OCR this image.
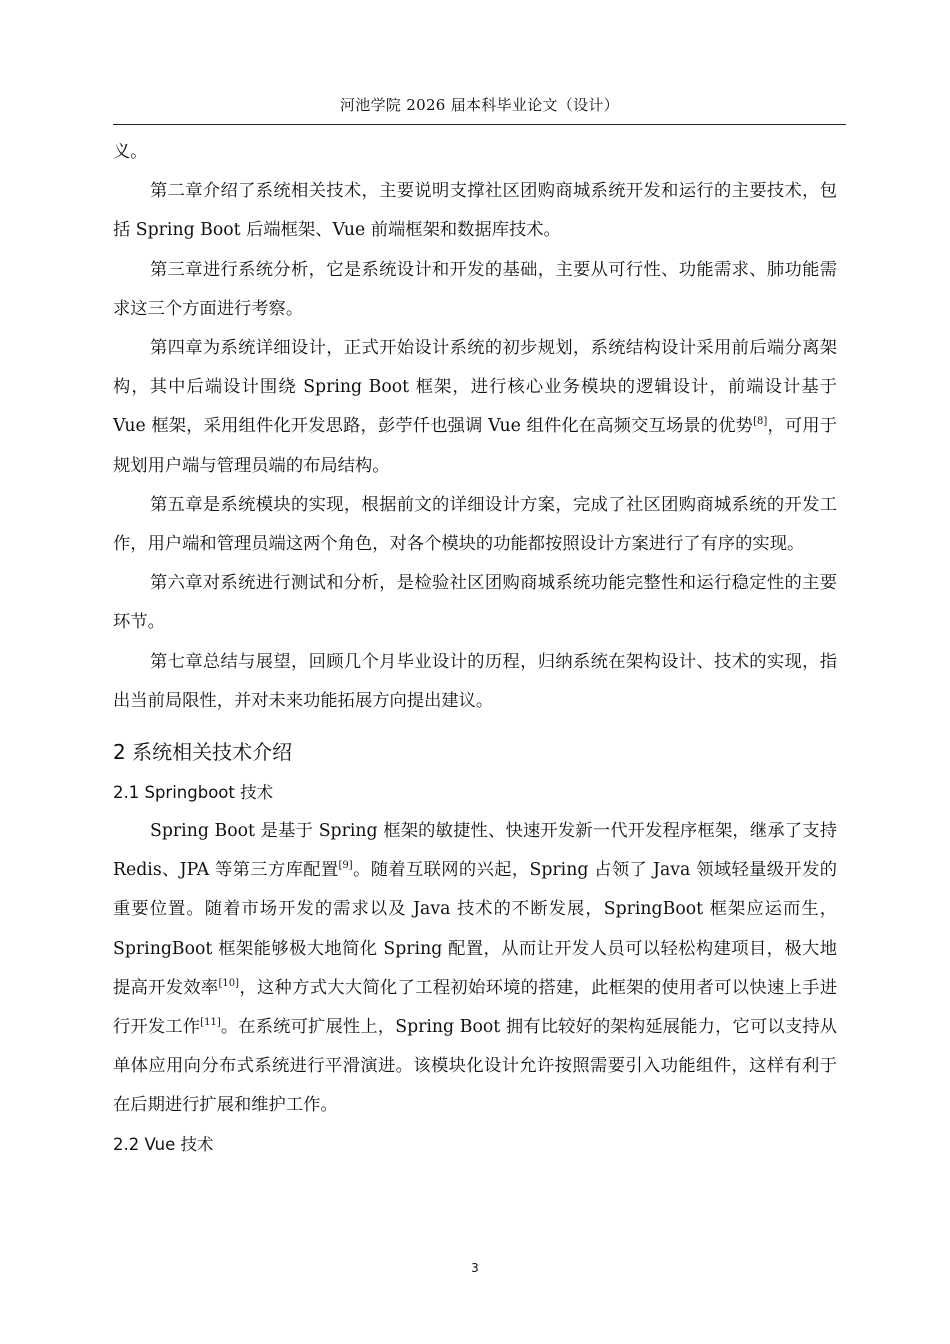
河池学院 2026 届本科毕业论文（设计）

义。

第二章介绍了系统相关技术，主要说明支撑社区团购商城系统开发和运行的主要技术，包括 Spring Boot 后端框架、Vue 前端框架和数据库技术。

第三章进行系统分析，它是系统设计和开发的基础，主要从可行性、功能需求、肺功能需求这三个方面进行考察。

第四章为系统详细设计，正式开始设计系统的初步规划，系统结构设计采用前后端分离架构，其中后端设计围绕 Spring Boot 框架，进行核心业务模块的逻辑设计，前端设计基于 Vue 框架，采用组件化开发思路，彭苧仟也强调 Vue 组件化在高频交互场景的优势[8]，可用于规划用户端与管理员端的布局结构。

第五章是系统模块的实现，根据前文的详细设计方案，完成了社区团购商城系统的开发工作，用户端和管理员端这两个角色，对各个模块的功能都按照设计方案进行了有序的实现。

第六章对系统进行测试和分析，是检验社区团购商城系统功能完整性和运行稳定性的主要环节。

第七章总结与展望，回顾几个月毕业设计的历程，归纳系统在架构设计、技术的实现，指出当前局限性，并对未来功能拓展方向提出建议。

2 系统相关技术介绍
2.1 Springboot 技术

Spring Boot 是基于 Spring 框架的敏捷性、快速开发新一代开发程序框架，继承了支持 Redis、JPA 等第三方库配置[9]。随着互联网的兴起，Spring 占领了 Java 领域轻量级开发的重要位置。随着市场开发的需求以及 Java 技术的不断发展，SpringBoot 框架应运而生，SpringBoot 框架能够极大地简化 Spring 配置，从而让开发人员可以轻松构建项目，极大地提高开发效率[10]，这种方式大大简化了工程初始环境的搭建，此框架的使用者可以快速上手进行开发工作[11]。在系统可扩展性上，Spring Boot 拥有比较好的架构延展能力，它可以支持从单体应用向分布式系统进行平滑演进。该模块化设计允许按照需要引入功能组件，这样有利于在后期进行扩展和维护工作。

2.2 Vue 技术
3
